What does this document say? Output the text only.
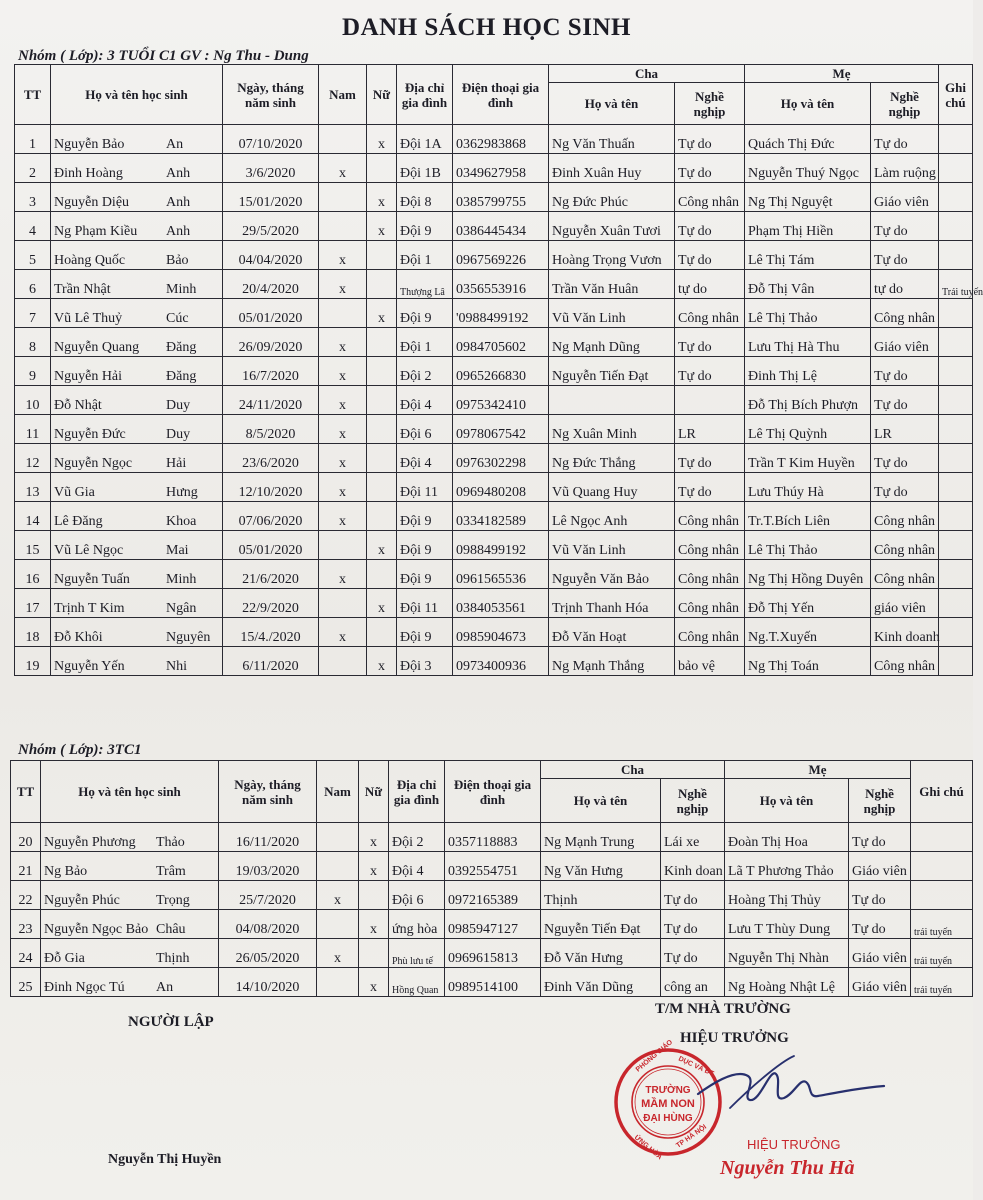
DANH SÁCH HỌC SINH
Nhóm ( Lớp): 3 TUỔI C1 GV : Ng Thu - Dung
TT	Họ và tên học sinh	Ngày, tháng năm sinh	Nam	Nữ	Địa chỉ gia đình	Điện thoại gia đình	Cha		Mẹ		Ghi chú
							Họ và tên	Nghề nghịp	Họ và tên	Nghề nghịp	
1	Nguyễn Bảo An	07/10/2020		x	Đội 1A	0362983868	Ng Văn Thuấn	Tự do	Quách Thị Đức	Tự do	
2	Đinh Hoàng Anh	3/6/2020	x		Đội 1B	0349627958	Đinh Xuân Huy	Tự do	Nguyễn Thuý Ngọc	Làm ruộng	
3	Nguyễn Diệu Anh	15/01/2020		x	Đội 8	0385799755	Ng Đức Phúc	Công nhân	Ng Thị Nguyệt	Giáo viên	
4	Ng Phạm Kiều Anh	29/5/2020		x	Đội 9	0386445434	Nguyễn Xuân Tươi	Tự do	Phạm Thị Hiền	Tự do	
5	Hoàng Quốc Bảo	04/04/2020	x		Đội 1	0967569226	Hoàng Trọng Vươn	Tự do	Lê Thị Tám	Tự do	
6	Trần Nhật Minh	20/4/2020	x		Thượng Lâ	0356553916	Trần Văn Huân	tự do	Đỗ Thị Vân	tự do	Trái tuyến
7	Vũ Lê Thuỷ Cúc	05/01/2020		x	Đội 9	'0988499192	Vũ Văn Linh	Công nhân	Lê Thị Thảo	Công nhân	
8	Nguyễn Quang Đăng	26/09/2020	x		Đội 1	0984705602	Ng Mạnh Dũng	Tự do	Lưu Thị Hà Thu	Giáo viên	
9	Nguyễn Hải Đăng	16/7/2020	x		Đội 2	0965266830	Nguyễn Tiến Đạt	Tự do	Đinh Thị Lệ	Tự do	
10	Đỗ Nhật Duy	24/11/2020	x		Đội 4	0975342410			Đỗ Thị Bích Phượn	Tự do	
11	Nguyễn Đức Duy	8/5/2020	x		Đội 6	0978067542	Ng Xuân Minh	LR	Lê Thị Quỳnh	LR	
12	Nguyễn Ngọc Hải	23/6/2020	x		Đội 4	0976302298	Ng Đức Thắng	Tự do	Trần T Kim Huyền	Tự do	
13	Vũ Gia Hưng	12/10/2020	x		Đội 11	0969480208	Vũ Quang Huy	Tự do	Lưu Thúy Hà	Tự do	
14	Lê Đăng Khoa	07/06/2020	x		Đội 9	0334182589	Lê Ngọc Anh	Công nhân	Tr.T.Bích Liên	Công nhân	
15	Vũ Lê Ngọc Mai	05/01/2020		x	Đội 9	0988499192	Vũ Văn Linh	Công nhân	Lê Thị Thảo	Công nhân	
16	Nguyễn Tuấn Minh	21/6/2020	x		Đội 9	0961565536	Nguyễn Văn Bảo	Công nhân	Ng Thị Hồng Duyên	Công nhân	
17	Trịnh T Kim Ngân	22/9/2020		x	Đội 11	0384053561	Trịnh Thanh Hóa	Công nhân	Đỗ Thị Yến	giáo viên	
18	Đỗ Khôi Nguyên	15/4./2020	x		Đội 9	0985904673	Đỗ Văn Hoạt	Công nhân	Ng.T.Xuyến	Kinh doanh	
19	Nguyễn Yến Nhi	6/11/2020		x	Đội 3	0973400936	Ng Mạnh Thắng	bảo vệ	Ng Thị Toán	Công nhân	
Nhóm ( Lớp): 3TC1
TT	Họ và tên học sinh	Ngày, tháng năm sinh	Nam	Nữ	Địa chỉ gia đình	Điện thoại gia đình	Cha		Mẹ		Ghi chú
							Họ và tên	Nghề nghịp	Họ và tên	Nghề nghịp	
20	Nguyễn Phương Thảo	16/11/2020		x	Đội 2	0357118883	Ng Mạnh Trung	Lái xe	Đoàn Thị Hoa	Tự do	
21	Ng Bảo Trâm	19/03/2020		x	Đội 4	0392554751	Ng Văn Hưng	Kinh doan	Lã T Phương Thảo	Giáo viên	
22	Nguyễn Phúc Trọng	25/7/2020	x		Đội 6	0972165389	Thịnh	Tự do	Hoàng Thị Thủy	Tự do	
23	Nguyễn Ngọc Bảo Châu	04/08/2020		x	ứng hòa	0985947127	Nguyễn Tiến Đạt	Tự do	Lưu T Thùy Dung	Tự do	trái tuyến
24	Đỗ Gia Thịnh	26/05/2020	x		Phù lưu tế	0969615813	Đỗ Văn Hưng	Tự do	Nguyễn Thị Nhàn	Giáo viên	trái tuyến
25	Đinh Ngọc Tú An	14/10/2020		x	Hồng Quan	0989514100	Đinh Văn Dũng	công an	Ng Hoàng Nhật Lệ	Giáo viên	trái tuyến
NGƯỜI LẬP
T/M NHÀ TRƯỜNG
HIỆU TRƯỞNG
Nguyễn Thị Huyền
TRƯỜNG
MẦM NON
ĐẠI HÙNG
PHÒNG GIÁO DỤC VÀ ĐT
ỨNG HÒA TP HÀ NỘI	HIỆU TRƯỞNG
Nguyễn Thu Hà
